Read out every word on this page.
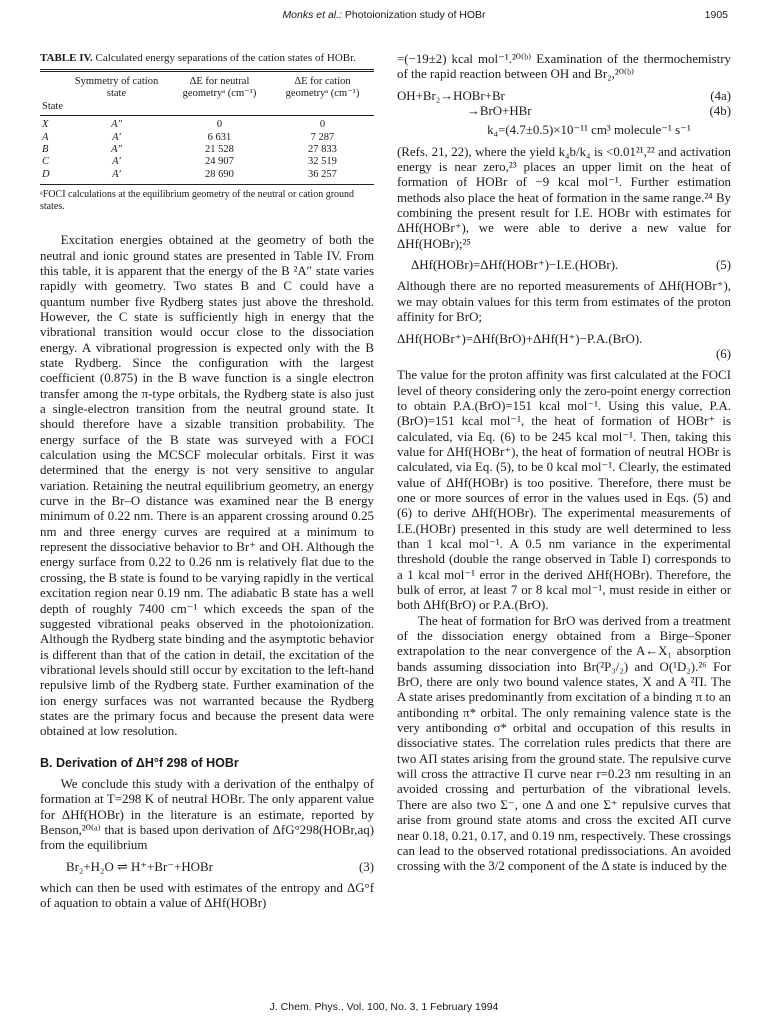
Monks et al.: Photoionization study of HOBr	1905
TABLE IV. Calculated energy separations of the cation states of HOBr.
	Symmetry of cation state	ΔE for neutral geometryᵃ (cm⁻¹)	ΔE for cation geometryᵃ (cm⁻¹)
State			
X	A″	0	0
A	A′	6 631	7 287
B	A″	21 528	27 833
C	A′	24 907	32 519
D	A′	28 690	36 257
ᵃFOCI calculations at the equilibrium geometry of the neutral or cation ground states.

Excitation energies obtained at the geometry of both the neutral and ionic ground states are presented in Table IV. From this table, it is apparent that the energy of the B ²A″ state varies rapidly with geometry. Two states B and C could have a quantum number five Rydberg states just above the threshold. However, the C state is sufficiently high in energy that the vibrational transition would occur close to the dissociation energy. A vibrational progression is expected only with the B state Rydberg. Since the configuration with the largest coefficient (0.875) in the B wave function is a single electron transfer among the π-type orbitals, the Rydberg state is also just a single-electron transition from the neutral ground state. It should therefore have a sizable transition probability. The energy surface of the B state was surveyed with a FOCI calculation using the MCSCF molecular orbitals. First it was determined that the energy is not very sensitive to angular variation. Retaining the neutral equilibrium geometry, an energy curve in the Br–O distance was examined near the B energy minimum of 0.22 nm. There is an apparent crossing around 0.25 nm and three energy curves are required at a minimum to represent the dissociative behavior to Br⁺ and OH. Although the energy surface from 0.22 to 0.26 nm is relatively flat due to the crossing, the B state is found to be varying rapidly in the vertical excitation region near 0.19 nm. The adiabatic B state has a well depth of roughly 7400 cm⁻¹ which exceeds the span of the suggested vibrational peaks observed in the photoionization. Although the Rydberg state binding and the asymptotic behavior is different than that of the cation in detail, the excitation of the vibrational levels should still occur by excitation to the left-hand repulsive limb of the Rydberg state. Further examination of the ion energy surfaces was not warranted because the Rydberg states are the primary focus and because the present data were obtained at low resolution.

B. Derivation of ΔH°f 298 of HOBr

We conclude this study with a derivation of the enthalpy of formation at T=298 K of neutral HOBr. The only apparent value for ΔHf(HOBr) in the literature is an estimate, reported by Benson,²⁰⁽ᵃ⁾ that is based upon derivation of ΔfG°298(HOBr,aq) from the equilibrium

Br₂+H₂O ⇌ H⁺+Br⁻+HOBr	(3)

which can then be used with estimates of the entropy and ΔG°f of aquation to obtain a value of ΔHf(HOBr)

=(−19±2) kcal mol⁻¹.²⁰⁽ᵇ⁾ Examination of the thermochemistry of the rapid reaction between OH and Br₂,²⁰⁽ᵇ⁾

OH+Br₂→HOBr+Br	(4a)
→BrO+HBr	(4b)
k₄=(4.7±0.5)×10⁻¹¹ cm³ molecule⁻¹ s⁻¹

(Refs. 21, 22), where the yield k₄b/k₄ is <0.01²¹,²² and activation energy is near zero,²³ places an upper limit on the heat of formation of HOBr of −9 kcal mol⁻¹. Further estimation methods also place the heat of formation in the same range.²⁴ By combining the present result for I.E. HOBr with estimates for ΔHf(HOBr⁺), we were able to derive a new value for ΔHf(HOBr);²⁵

ΔHf(HOBr)=ΔHf(HOBr⁺)−I.E.(HOBr).	(5)

Although there are no reported measurements of ΔHf(HOBr⁺), we may obtain values for this term from estimates of the proton affinity for BrO;

ΔHf(HOBr⁺)=ΔHf(BrO)+ΔHf(H⁺)−P.A.(BrO).
(6)

The value for the proton affinity was first calculated at the FOCI level of theory considering only the zero-point energy correction to obtain P.A.(BrO)=151 kcal mol⁻¹. Using this value, P.A.(BrO)=151 kcal mol⁻¹, the heat of formation of HOBr⁺ is calculated, via Eq. (6) to be 245 kcal mol⁻¹. Then, taking this value for ΔHf(HOBr⁺), the heat of formation of neutral HOBr is calculated, via Eq. (5), to be 0 kcal mol⁻¹. Clearly, the estimated value of ΔHf(HOBr) is too positive. Therefore, there must be one or more sources of error in the values used in Eqs. (5) and (6) to derive ΔHf(HOBr). The experimental measurements of I.E.(HOBr) presented in this study are well determined to less than 1 kcal mol⁻¹. A 0.5 nm variance in the experimental threshold (double the range observed in Table I) corresponds to a 1 kcal mol⁻¹ error in the derived ΔHf(HOBr). Therefore, the bulk of error, at least 7 or 8 kcal mol⁻¹, must reside in either or both ΔHf(BrO) or P.A.(BrO).

The heat of formation for BrO was derived from a treatment of the dissociation energy obtained from a Birge–Sponer extrapolation to the near convergence of the A←X₁ absorption bands assuming dissociation into Br(²P₃/₂) and O(¹D₂).²⁶ For BrO, there are only two bound valence states, X and A ²Π. The A state arises predominantly from excitation of a binding π to an antibonding π* orbital. The only remaining valence state is the very antibonding σ* orbital and occupation of this results in dissociative states. The correlation rules predicts that there are two AΠ states arising from the ground state. The repulsive curve will cross the attractive Π curve near r=0.23 nm resulting in an avoided crossing and perturbation of the vibrational levels. There are also two Σ⁻, one Δ and one Σ⁺ repulsive curves that arise from ground state atoms and cross the excited AΠ curve near 0.18, 0.21, 0.17, and 0.19 nm, respectively. These crossings can lead to the observed rotational predissociations. An avoided crossing with the 3/2 component of the Δ state is induced by the

J. Chem. Phys., Vol. 100, No. 3, 1 February 1994
